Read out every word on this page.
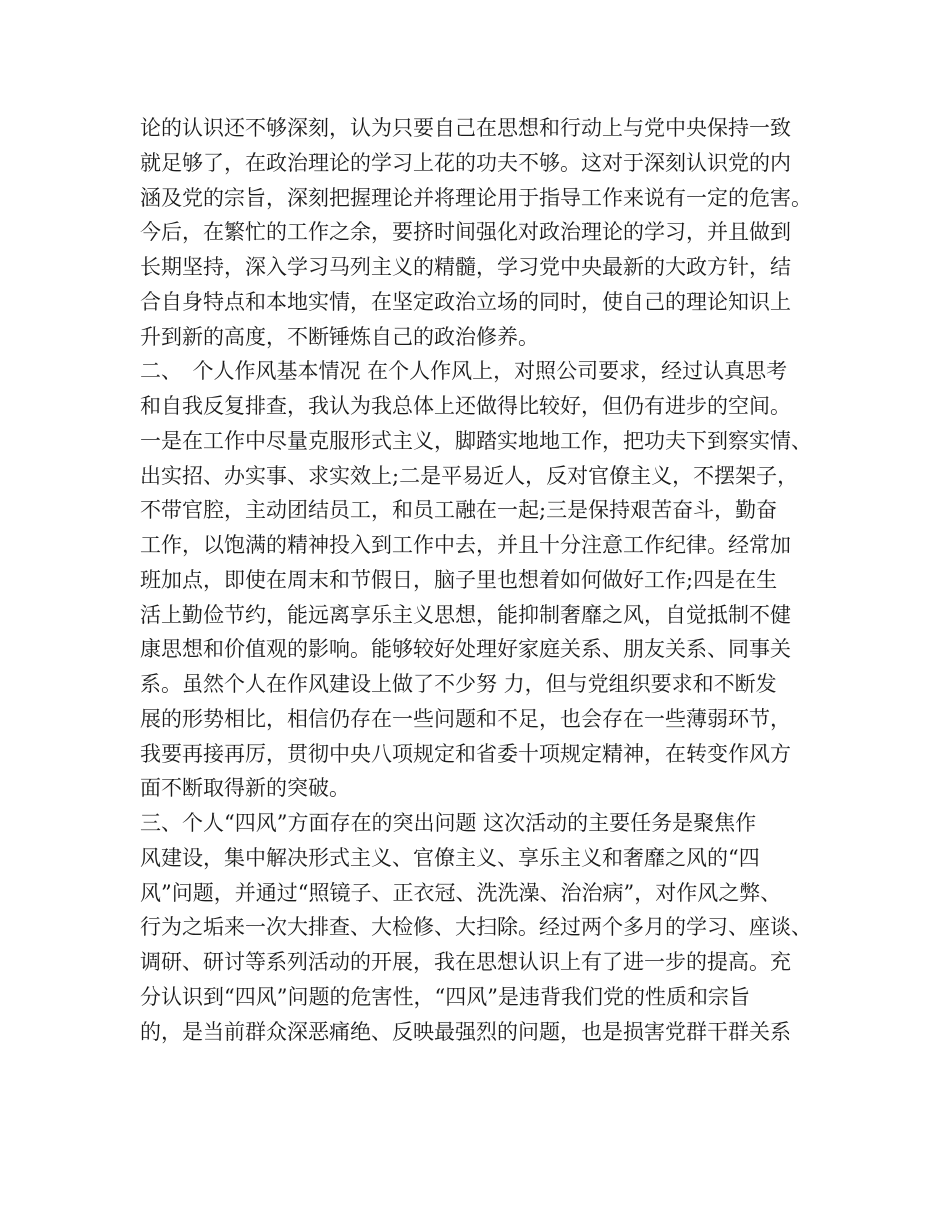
论的认识还不够深刻，认为只要自己在思想和行动上与党中央保持一致
就足够了，在政治理论的学习上花的功夫不够。这对于深刻认识党的内
涵及党的宗旨，深刻把握理论并将理论用于指导工作来说有一定的危害。
今后，在繁忙的工作之余，要挤时间强化对政治理论的学习，并且做到
长期坚持，深入学习马列主义的精髓，学习党中央最新的大政方针，结
合自身特点和本地实情，在坚定政治立场的同时，使自己的理论知识上
升到新的高度，不断锤炼自己的政治修养。
二、　个人作风基本情况 在个人作风上，对照公司要求，经过认真思考
和自我反复排查，我认为我总体上还做得比较好，但仍有进步的空间。
一是在工作中尽量克服形式主义，脚踏实地地工作，把功夫下到察实情、
出实招、办实事、求实效上;二是平易近人，反对官僚主义，不摆架子，
不带官腔，主动团结员工，和员工融在一起;三是保持艰苦奋斗，勤奋
工作，以饱满的精神投入到工作中去，并且十分注意工作纪律。经常加
班加点，即使在周末和节假日，脑子里也想着如何做好工作;四是在生
活上勤俭节约，能远离享乐主义思想，能抑制奢靡之风，自觉抵制不健
康思想和价值观的影响。能够较好处理好家庭关系、朋友关系、同事关
系。虽然个人在作风建设上做了不少努 力，但与党组织要求和不断发
展的形势相比，相信仍存在一些问题和不足，也会存在一些薄弱环节，
我要再接再厉，贯彻中央八项规定和省委十项规定精神，在转变作风方
面不断取得新的突破。
三、个人“四风”方面存在的突出问题 这次活动的主要任务是聚焦作
风建设，集中解决形式主义、官僚主义、享乐主义和奢靡之风的“四
风”问题，并通过“照镜子、正衣冠、洗洗澡、治治病”，对作风之弊、
行为之垢来一次大排查、大检修、大扫除。经过两个多月的学习、座谈、
调研、研讨等系列活动的开展，我在思想认识上有了进一步的提高。充
分认识到“四风”问题的危害性，“四风”是违背我们党的性质和宗旨
的，是当前群众深恶痛绝、反映最强烈的问题，也是损害党群干群关系
